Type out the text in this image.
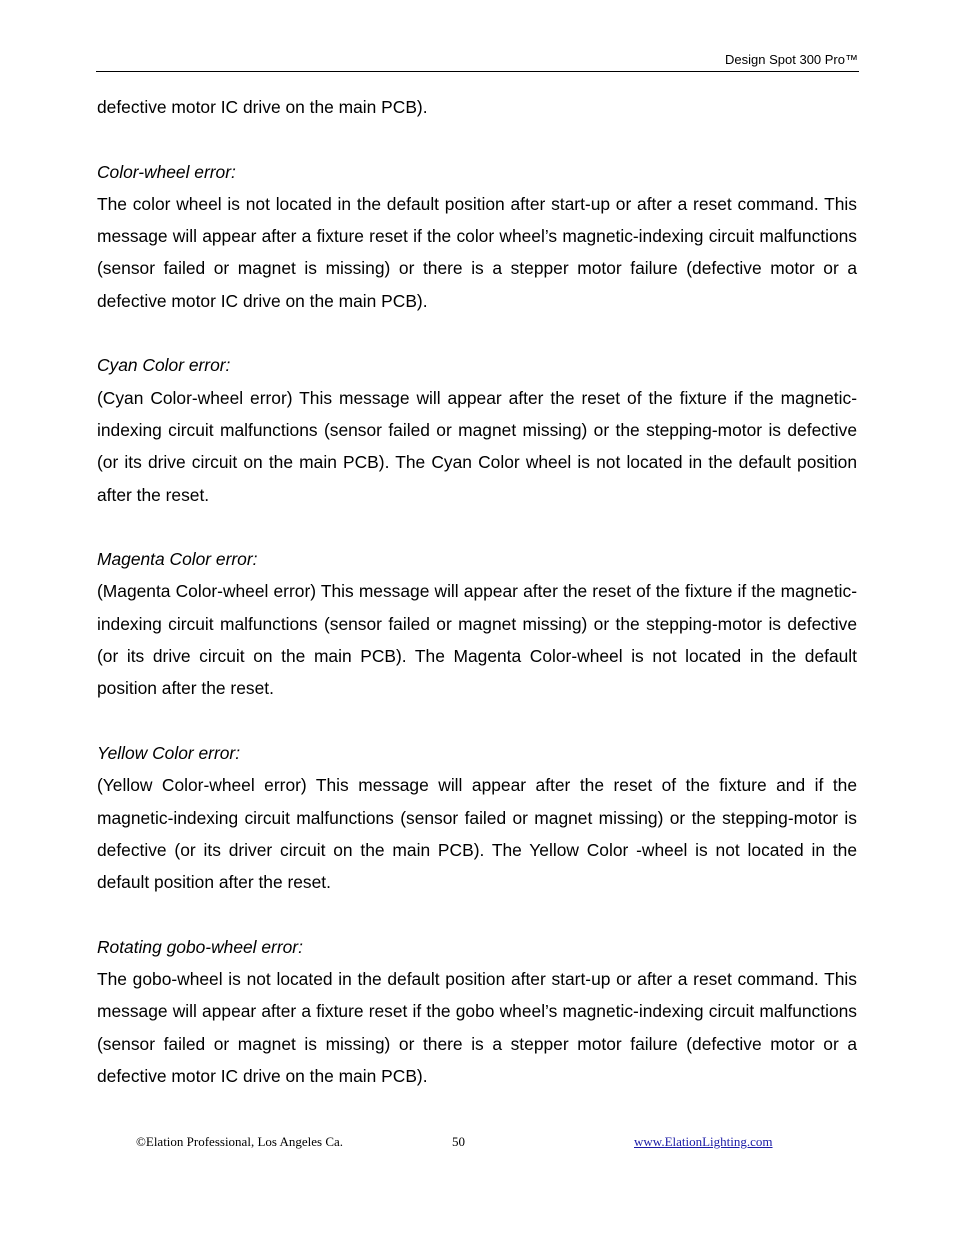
Design Spot 300 Pro™

defective motor IC drive on the main PCB).

Color-wheel error:

The color wheel is not located in the default position after start-up or after a reset command. This message will appear after a fixture reset if the color wheel’s magnetic-indexing circuit malfunctions (sensor failed or magnet is missing) or there is a stepper motor failure (defective motor or a defective motor IC drive on the main PCB).

Cyan Color error:

(Cyan Color-wheel error) This message will appear after the reset of the fixture if the magnetic-indexing circuit malfunctions (sensor failed or magnet missing) or the stepping-motor is defective (or its drive circuit on the main PCB). The Cyan Color wheel is not located in the default position after the reset.

Magenta Color error:

(Magenta Color-wheel error) This message will appear after the reset of the fixture if the magnetic-indexing circuit malfunctions (sensor failed or magnet missing) or the stepping-motor is defective (or its drive circuit on the main PCB). The Magenta Color-wheel is not located in the default position after the reset.

Yellow Color error:

(Yellow Color-wheel error) This message will appear after the reset of the fixture and if the magnetic-indexing circuit malfunctions (sensor failed or magnet missing) or the stepping-motor is defective (or its driver circuit on the main PCB). The Yellow Color -wheel is not located in the default position after the reset.

Rotating gobo-wheel error:

The gobo-wheel is not located in the default position after start-up or after a reset command. This message will appear after a fixture reset if the gobo wheel’s magnetic-indexing circuit malfunctions (sensor failed or magnet is missing) or there is a stepper motor failure (defective motor or a defective motor IC drive on the main PCB).

©Elation Professional, Los Angeles Ca.	50	www.ElationLighting.com
